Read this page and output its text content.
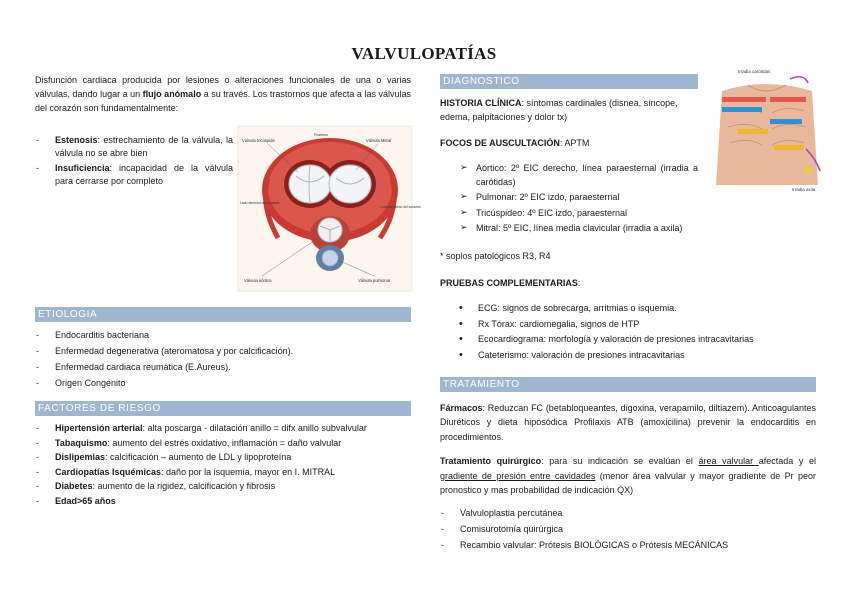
VALVULOPATÍAS

Disfunción cardiaca producida por lesiones o alteraciones funcionales de una o varias válvulas, dando lugar a un flujo anómalo a su través. Los trastornos que afecta a las válvulas del corazón son fundamentalmente:

- Estenosis: estrechamiento de la válvula, la válvula no se abre bien
- Insuficiencia: incapacidad de la válvula para cerrarse por completo
Válvula tricúspide
Posterior
Válvula Mitral
Lado derecho del corazón
Lado izquierdo del corazón
Válvula aórtica	Válvula pulmonar
ETIOLOGIA
- Endocarditis bacteriana
- Enfermedad degenerativa (ateromatosa y por calcificación).
- Enfermedad cardiaca reumática (E.Aureus).
- Origen Congénito
FACTORES DE RIESGO
- Hipertensión arterial: alta poscarga - dilatación anillo = difx anillo subvalvular
- Tabaquismo: aumento del estrés oxidativo, inflamación = daño valvular
- Dislipemias: calcificación – aumento de LDL y lipoproteína
- Cardiopatías Isquémicas: daño por la isquemia, mayor en I. MITRAL
- Diabetes: aumento de la rigidez, calcificación y fibrosis
- Edad>65 años
DIAGNOSTICO

HISTORIA CLÍNICA: síntomas cardinales (disnea, síncope, edema, palpitaciones y dolor tx)

Irradia carótidas
Irradia axila

FOCOS DE AUSCULTACIÓN: APTM

➢ Aórtico: 2º EIC derecho, línea paraesternal (irradia a carótidas)
➢ Pulmonar: 2º EIC izdo, paraesternal
➢ Tricúspideo: 4º EIC izdo, paraesternal
➢ Mitral: 5º EIC, línea media clavicular (irradia a axila)

* soplos patológicos R3, R4

PRUEBAS COMPLEMENTARIAS:

• ECG: signos de sobrecarga, arritmias o isquemia.
• Rx Tórax: cardiomegalia, signos de HTP
• Ecocardiograma: morfología y valoración de presiones intracavitarias
• Cateterismo: valoración de presiones intracavitarias
TRATAMIENTO

Fármacos: Reduzcan FC (betabloqueantes, digoxina, verapamilo, diltiazem). Anticoagulantes Diuréticos y dieta hiposódica Profilaxis ATB (amoxicilina) prevenir la endocarditis en procedimientos.

Tratamiento quirúrgico: para su indicación se evalúan el área valvular afectada y el gradiente de presión entre cavidades (menor área valvular y mayor gradiente de Pr peor pronostico y mas probabilidad de indicación QX)

- Valvuloplastia percutánea
- Comisurotomía quirúrgica
- Recambio valvular: Prótesis BIOLÓGICAS o Prótesis MECÁNICAS
